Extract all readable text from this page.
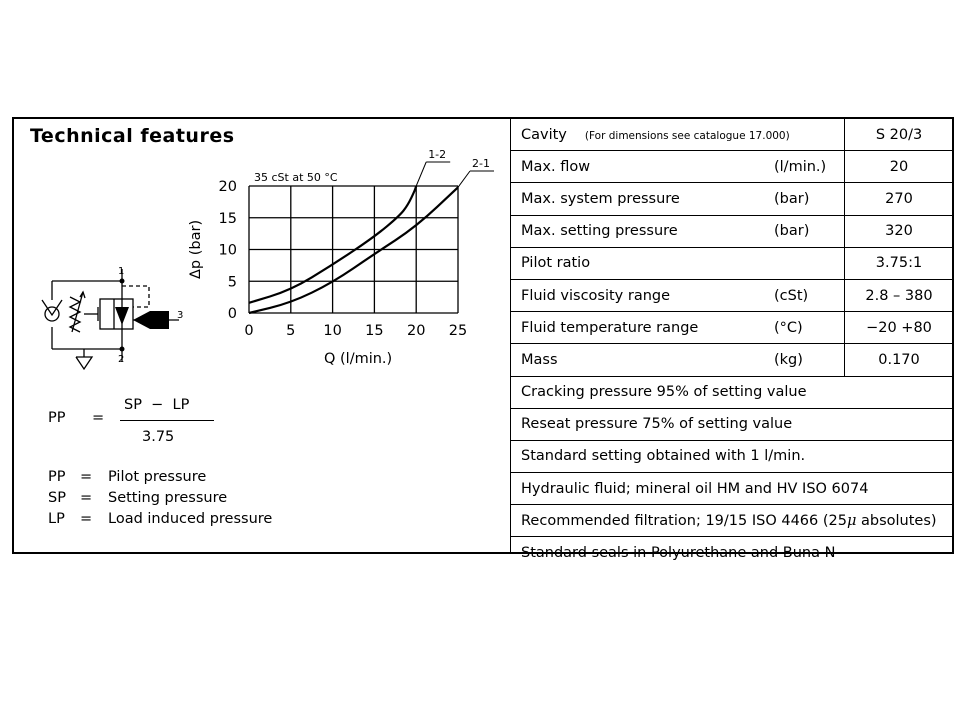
Technical features
0 5 10 15 20 25
20
15
10
5
0
1-2
2-1
35 cSt at 50 °C
Q (l/min.)
Δp (bar)
1
2
3
PP =
SP  −  LP
3.75
PP = Pilot pressure
SP = Setting pressure
LP = Load induced pressure
Cavity (For dimensions see catalogue 17.000)		S 20/3
Max. flow	(l/min.)	20
Max. system pressure	(bar)	270
Max. setting pressure	(bar)	320
Pilot ratio		3.75:1
Fluid viscosity range	(cSt)	2.8 – 380
Fluid temperature range	(°C)	−20 +80
Mass	(kg)	0.170
Cracking pressure 95% of setting value		
Reseat pressure 75% of setting value		
Standard setting obtained with 1 l/min.		
Hydraulic fluid; mineral oil HM and HV ISO 6074		
Recommended filtration; 19/15 ISO 4466 (25μ absolutes)		
Standard seals in Polyurethane and Buna N		
